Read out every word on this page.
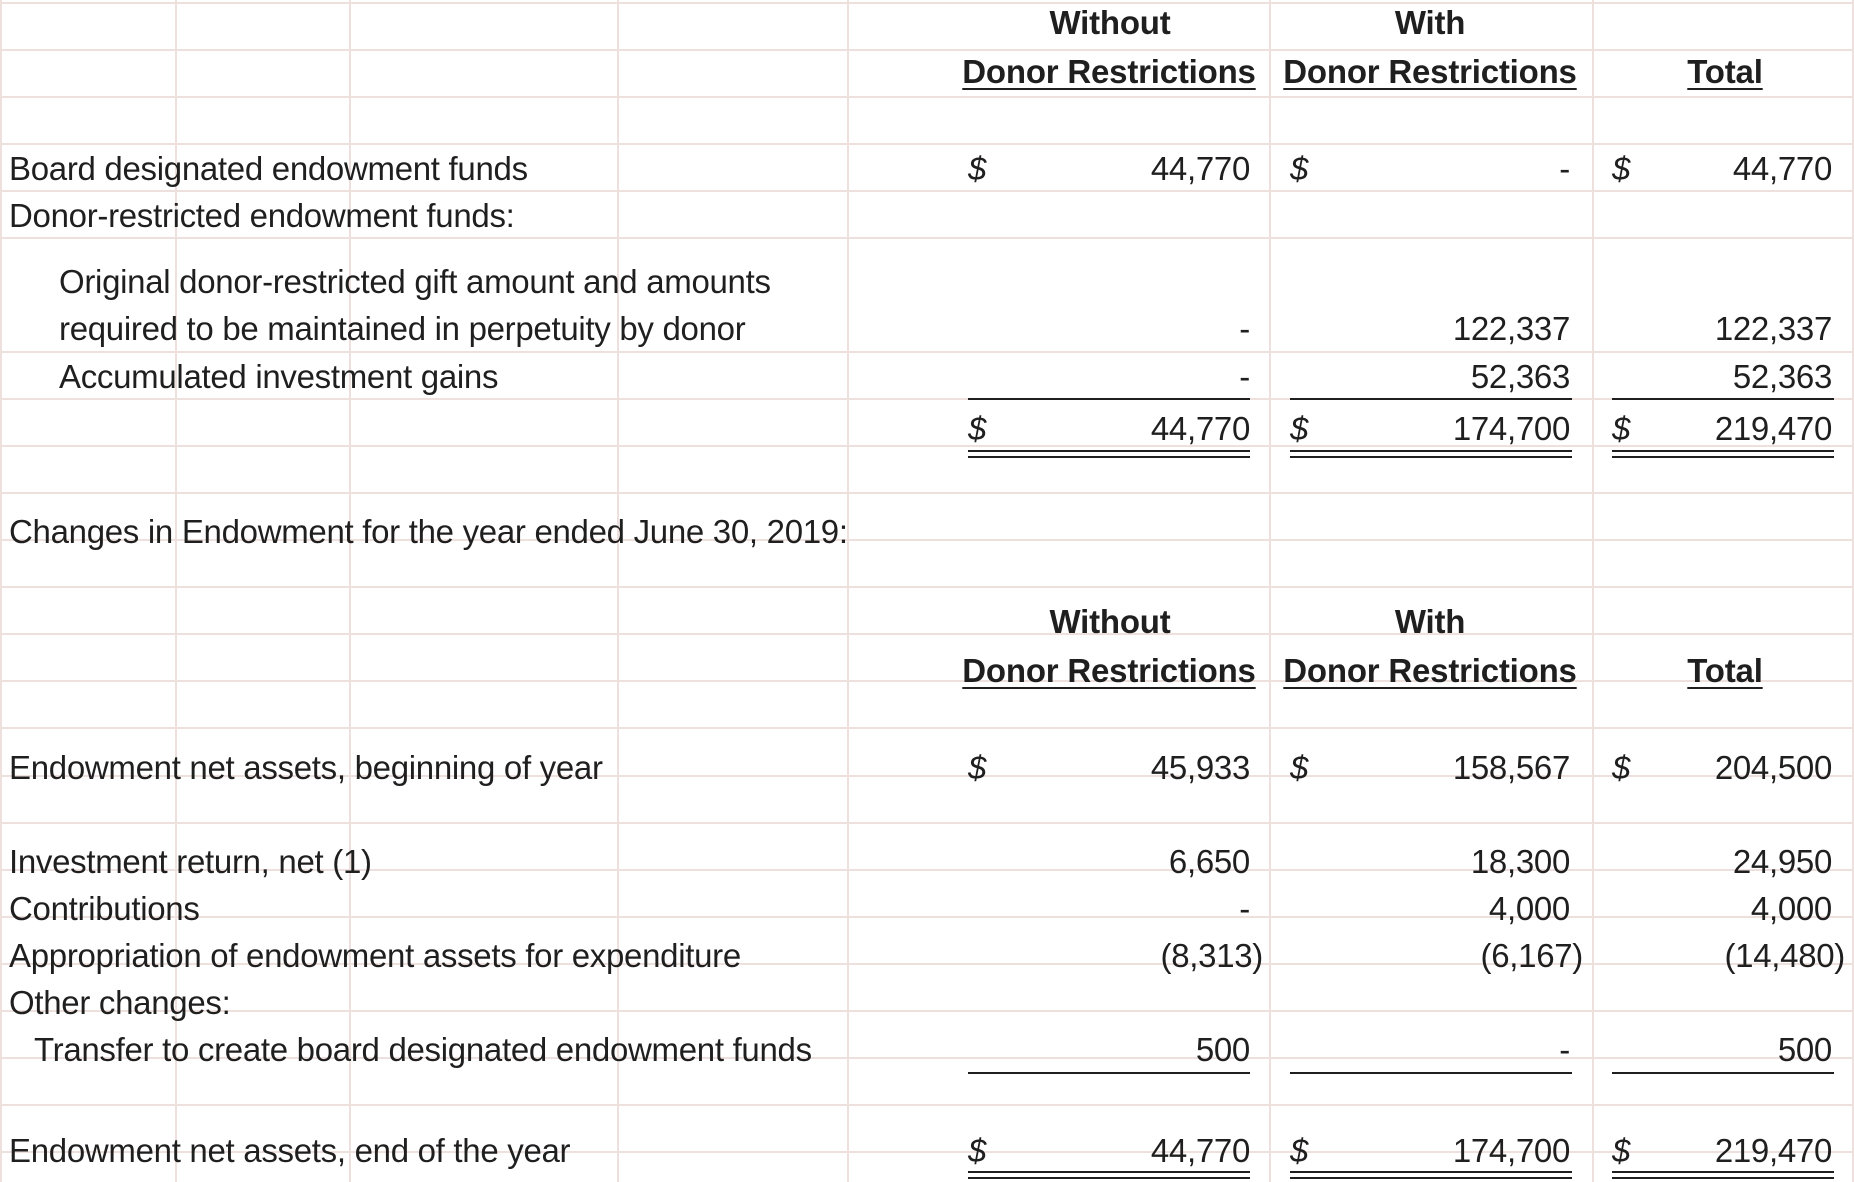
Without	With
Donor Restrictions Donor Restrictions	Total
Board designated endowment funds	$	44,770 $	- $	44,770
Donor-restricted endowment funds:
Original donor-restricted gift amount and amounts
required to be maintained in perpetuity by donor	-	122,337	122,337
Accumulated investment gains	-	52,363	52,363
$	44,770 $	174,700 $	219,470
Changes in Endowment for the year ended June 30, 2019:
Without	With
Donor Restrictions Donor Restrictions	Total
Endowment net assets, beginning of year	$	45,933 $	158,567 $	204,500
Investment return, net (1)	6,650	18,300	24,950
Contributions	-	4,000	4,000
Appropriation of endowment assets for expenditure	(8,313)	(6,167)	(14,480)
Other changes:
Transfer to create board designated endowment funds	500	-	500
Endowment net assets, end of the year	$	44,770 $	174,700 $	219,470
